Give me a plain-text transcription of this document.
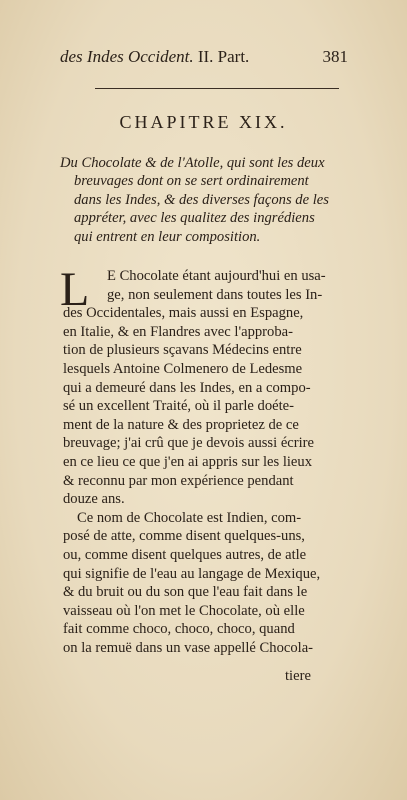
des Indes Occident. II. Part.	381
CHAPITRE XIX.
Du Chocolate & de l'Atolle, qui sont les deux
breuvages dont on se sert ordinairement
dans les Indes, & des diverses façons de les
appréter, avec les qualitez des ingrédiens
qui entrent en leur composition.
L	E Chocolate étant aujourd'hui en usa-
ge, non seulement dans toutes les In-
des Occidentales, mais aussi en Espagne,
en Italie, & en Flandres avec l'approba-
tion de plusieurs sçavans Médecins entre
lesquels Antoine Colmenero de Ledesme
qui a demeuré dans les Indes, en a compo-
sé un excellent Traité, où il parle doéte-
ment de la nature & des proprietez de ce
breuvage; j'ai crû que je devois aussi écrire
en ce lieu ce que j'en ai appris sur les lieux
& reconnu par mon expérience pendant
douze ans.
Ce nom de Chocolate est Indien, com-
posé de atte, comme disent quelques-uns,
ou, comme disent quelques autres, de atle
qui signifie de l'eau au langage de Mexique,
& du bruit ou du son que l'eau fait dans le
vaisseau où l'on met le Chocolate, où elle
fait comme choco, choco, choco, quand
on la remuë dans un vase appellé Chocola-
tiere
